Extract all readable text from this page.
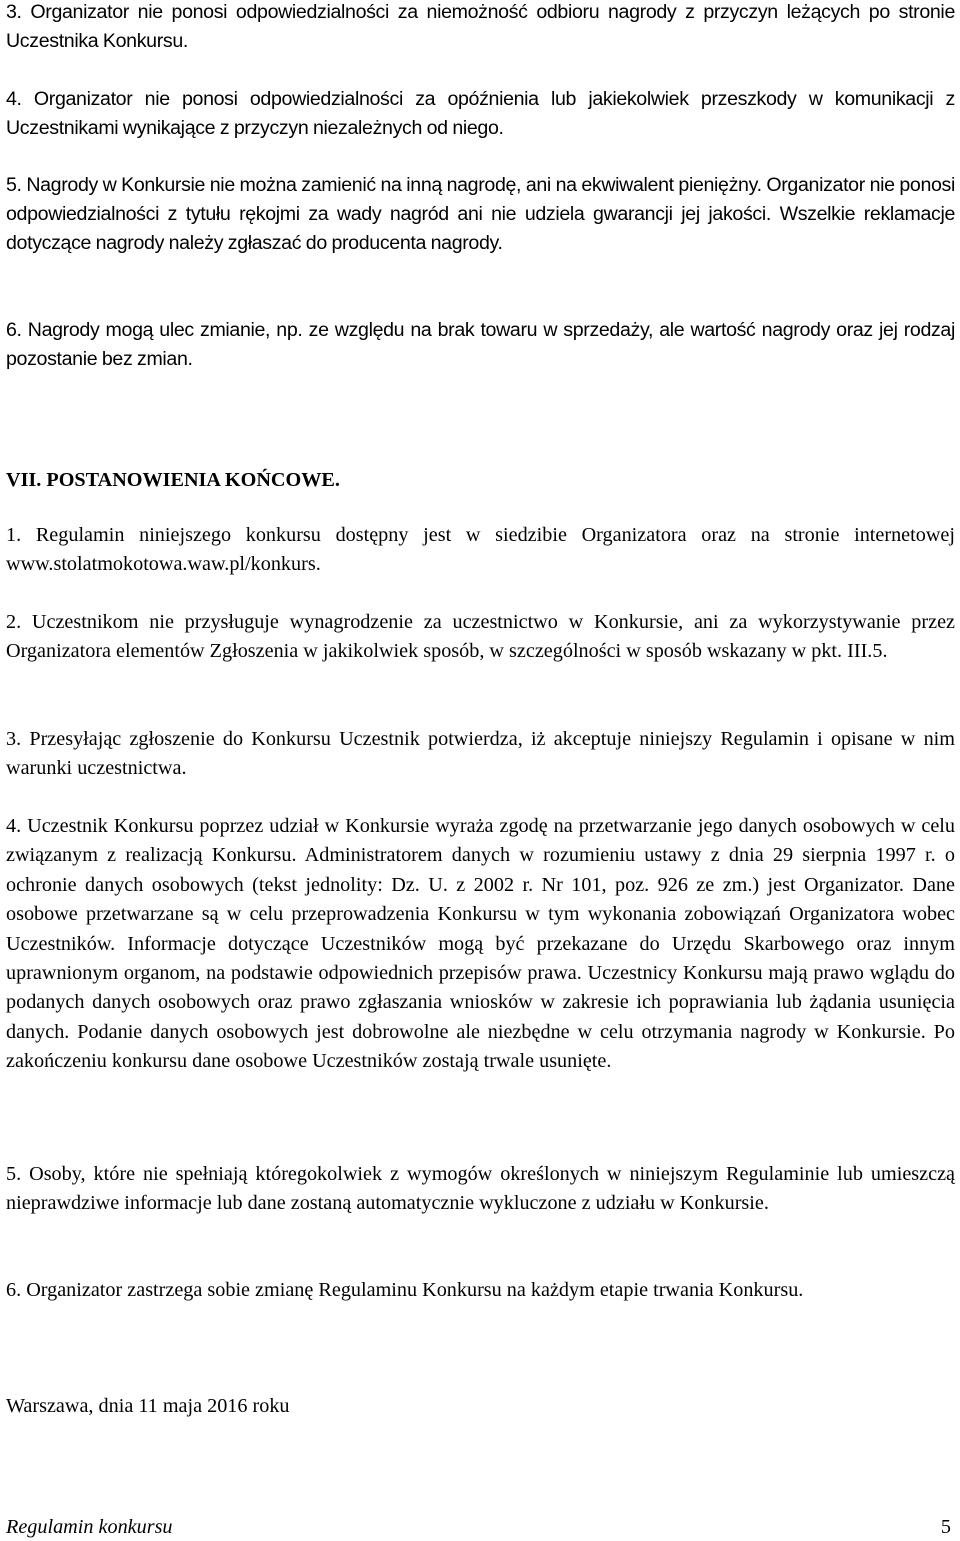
3. Organizator nie ponosi odpowiedzialności za niemożność odbioru nagrody z przyczyn leżących po stronie Uczestnika Konkursu.

4. Organizator nie ponosi odpowiedzialności za opóźnienia lub jakiekolwiek przeszkody w komunikacji z Uczestnikami wynikające z przyczyn niezależnych od niego.

5. Nagrody w Konkursie nie można zamienić na inną nagrodę, ani na ekwiwalent pieniężny. Organizator nie ponosi odpowiedzialności z tytułu rękojmi za wady nagród ani nie udziela gwarancji jej jakości. Wszelkie reklamacje dotyczące nagrody należy zgłaszać do producenta nagrody.

6. Nagrody mogą ulec zmianie, np. ze względu na brak towaru w sprzedaży, ale wartość nagrody oraz jej rodzaj pozostanie bez zmian.

VII. POSTANOWIENIA KOŃCOWE.

1. Regulamin niniejszego konkursu dostępny jest w siedzibie Organizatora oraz na stronie internetowej www.stolatmokotowa.waw.pl/konkurs.

2. Uczestnikom nie przysługuje wynagrodzenie za uczestnictwo w Konkursie, ani za wykorzystywanie przez Organizatora elementów Zgłoszenia w jakikolwiek sposób, w szczególności w sposób wskazany w pkt. III.5.

3. Przesyłając zgłoszenie do Konkursu Uczestnik potwierdza, iż akceptuje niniejszy Regulamin i opisane w nim warunki uczestnictwa.

4. Uczestnik Konkursu poprzez udział w Konkursie wyraża zgodę na przetwarzanie jego danych osobowych w celu związanym z realizacją Konkursu. Administratorem danych w rozumieniu ustawy z dnia 29 sierpnia 1997 r. o ochronie danych osobowych (tekst jednolity: Dz. U. z 2002 r. Nr 101, poz. 926 ze zm.) jest Organizator. Dane osobowe przetwarzane są w celu przeprowadzenia Konkursu w tym wykonania zobowiązań Organizatora wobec Uczestników. Informacje dotyczące Uczestników mogą być przekazane do Urzędu Skarbowego oraz innym uprawnionym organom, na podstawie odpowiednich przepisów prawa. Uczestnicy Konkursu mają prawo wglądu do podanych danych osobowych oraz prawo zgłaszania wniosków w zakresie ich poprawiania lub żądania usunięcia danych. Podanie danych osobowych jest dobrowolne ale niezbędne w celu otrzymania nagrody w Konkursie. Po zakończeniu konkursu dane osobowe Uczestników zostają trwale usunięte.

5. Osoby, które nie spełniają któregokolwiek z wymogów określonych w niniejszym Regulaminie lub umieszczą nieprawdziwe informacje lub dane zostaną automatycznie wykluczone z udziału w Konkursie.

6. Organizator zastrzega sobie zmianę Regulaminu Konkursu na każdym etapie trwania Konkursu.

Warszawa, dnia 11 maja 2016 roku

Regulamin konkursu	5
